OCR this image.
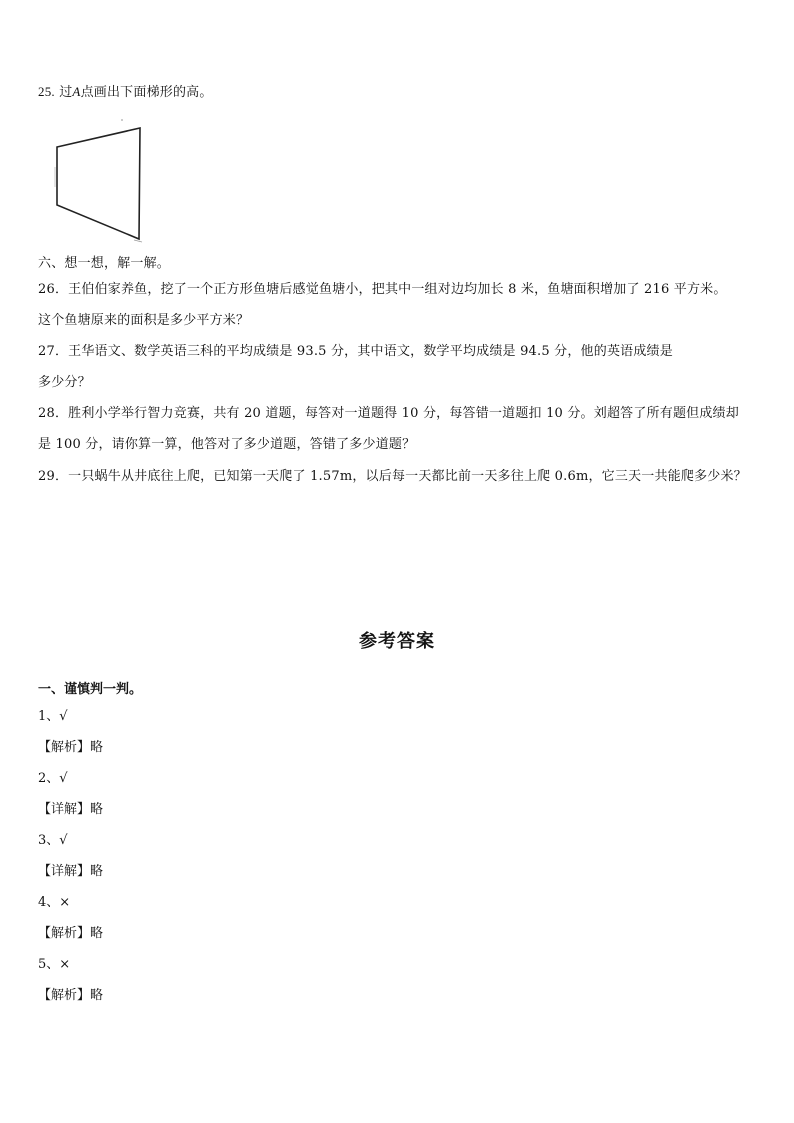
25. 过A点画出下面梯形的高。
六、想一想，解一解。
26．王伯伯家养鱼，挖了一个正方形鱼塘后感觉鱼塘小，把其中一组对边均加长 8 米，鱼塘面积增加了 216 平方米。
这个鱼塘原来的面积是多少平方米？
27．王华语文、数学英语三科的平均成绩是 93.5 分，其中语文，数学平均成绩是 94.5 分，他的英语成绩是
多少分？
28．胜利小学举行智力竞赛，共有 20 道题，每答对一道题得 10 分，每答错一道题扣 10 分。刘超答了所有题但成绩却
是 100 分，请你算一算，他答对了多少道题，答错了多少道题？
29．一只蜗牛从井底往上爬，已知第一天爬了 1.57m，以后每一天都比前一天多往上爬 0.6m，它三天一共能爬多少米？
参考答案
一、谨慎判一判。
1、√
【解析】略
2、√
【详解】略
3、√
【详解】略
4、×
【解析】略
5、×
【解析】略
